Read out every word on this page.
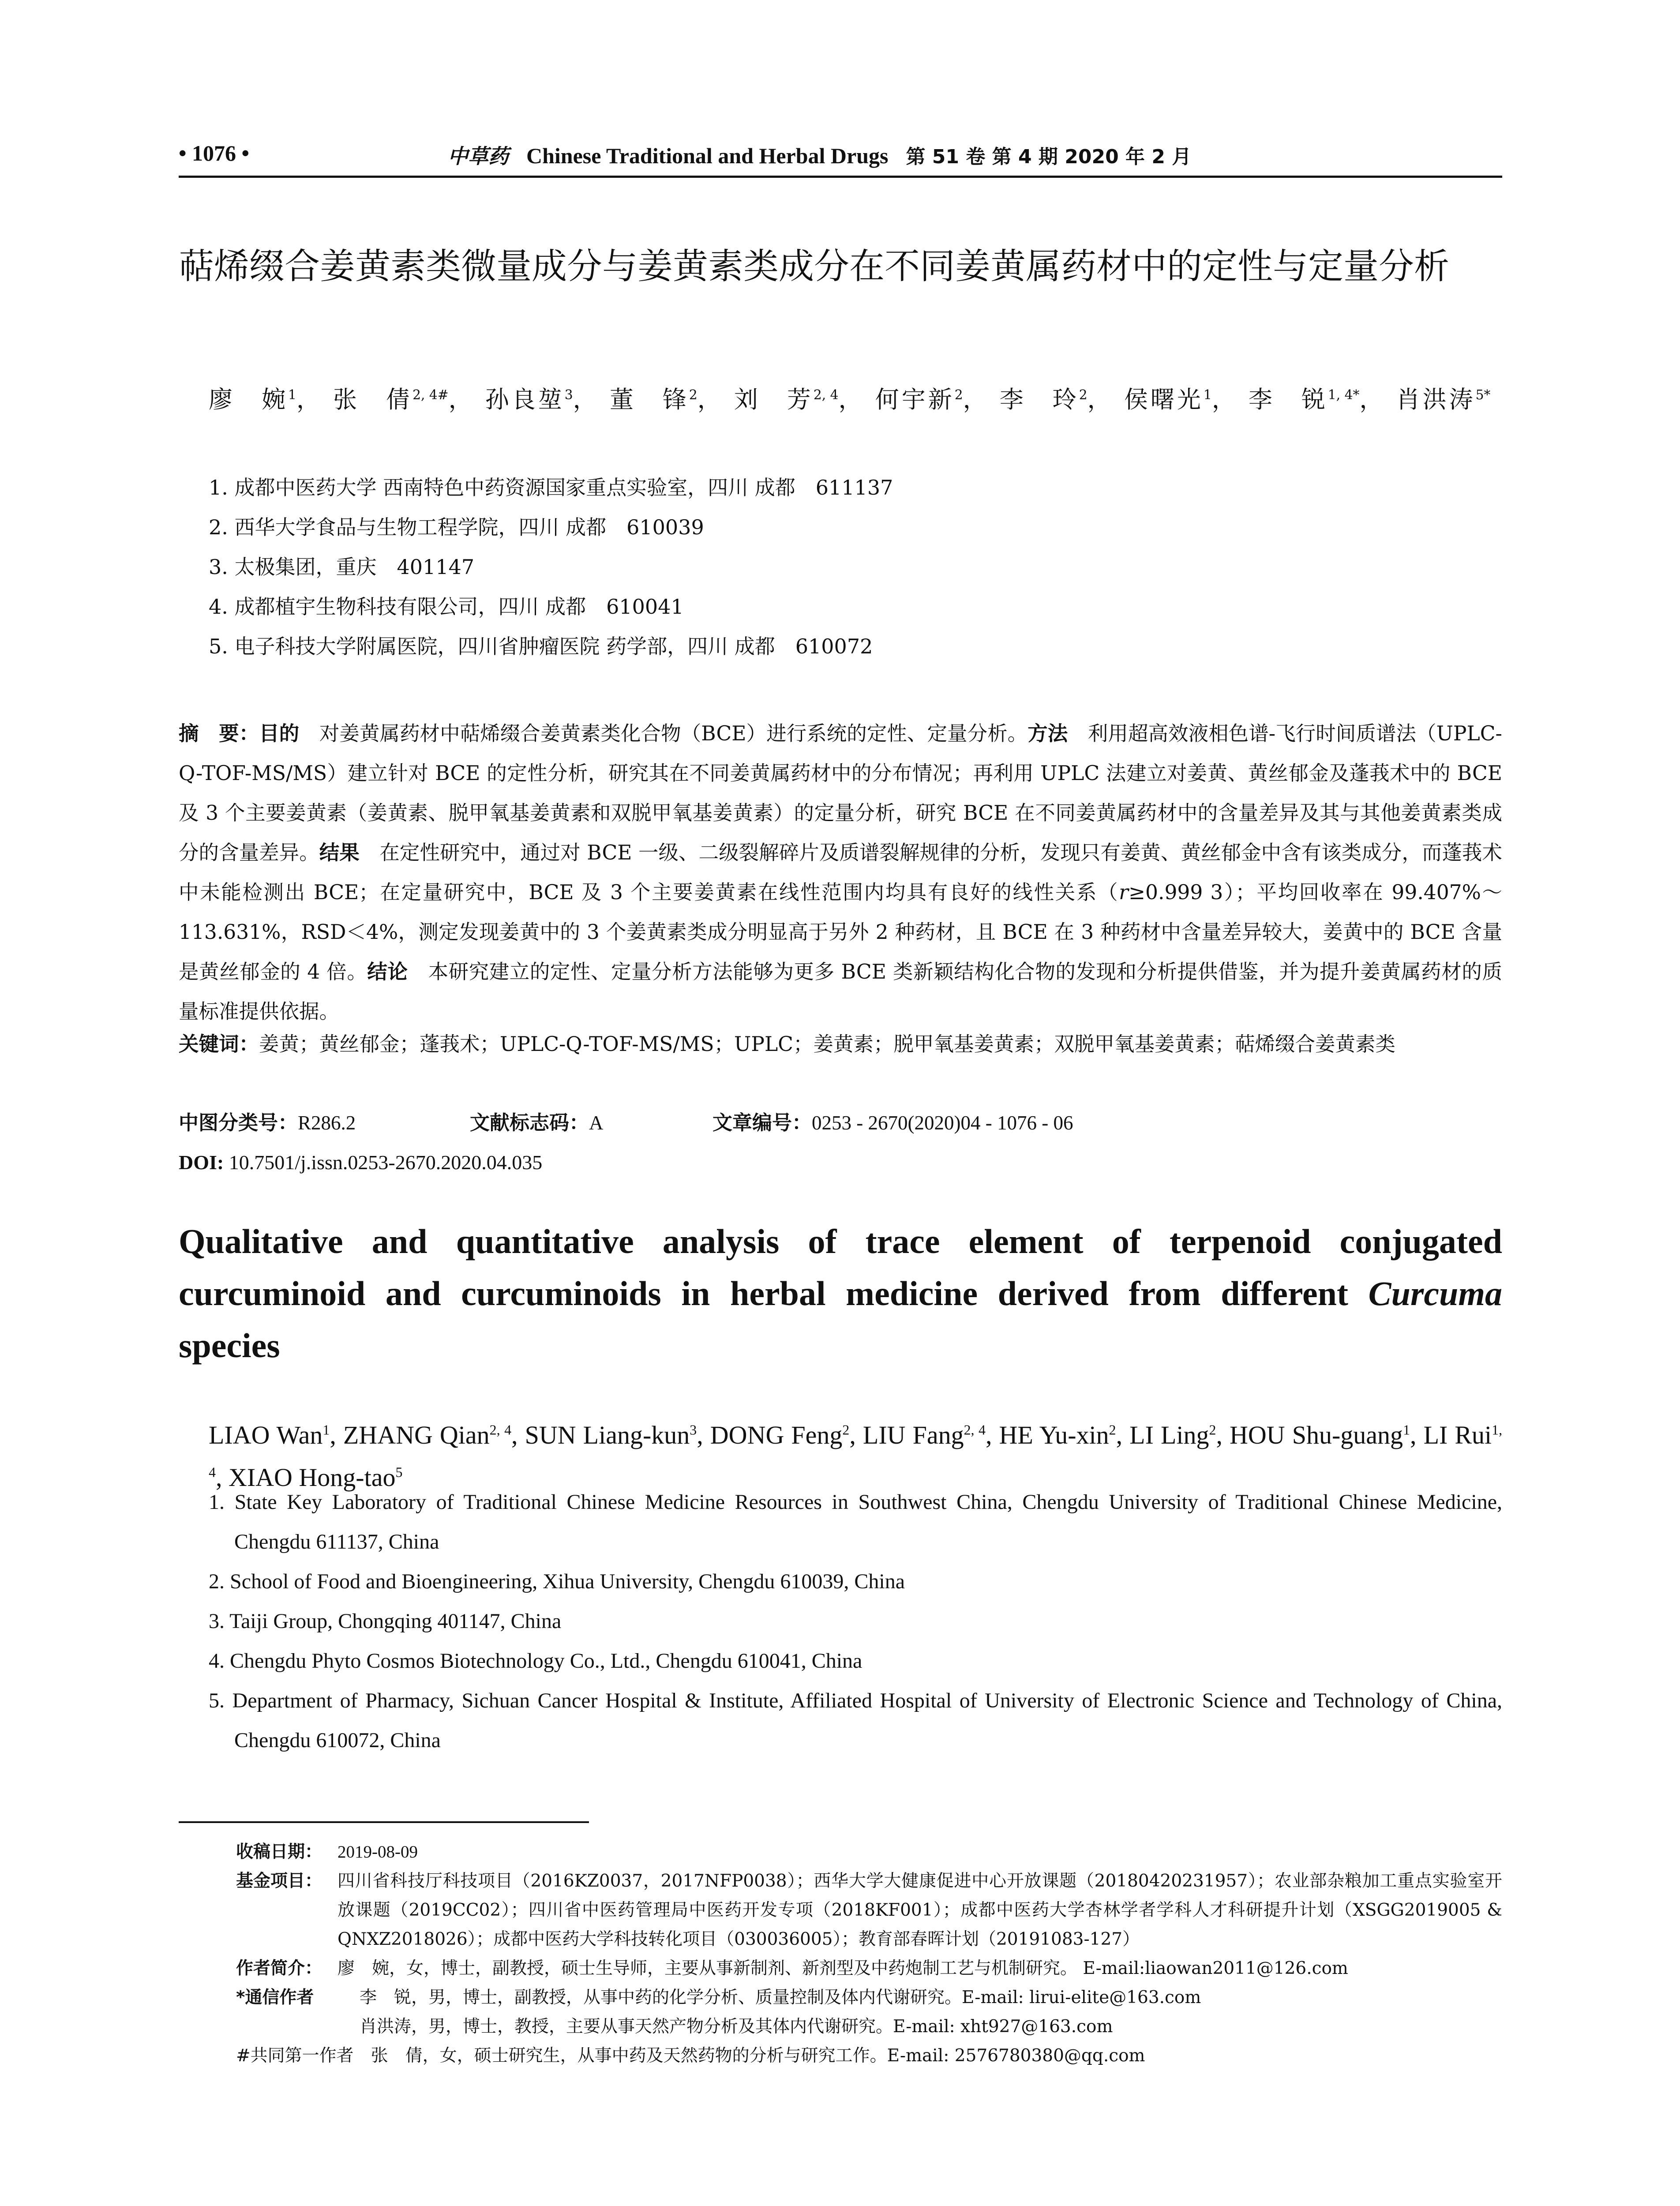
• 1076 •	中草药 Chinese Traditional and Herbal Drugs 第 51 卷 第 4 期 2020 年 2 月
萜烯缀合姜黄素类微量成分与姜黄素类成分在不同姜黄属药材中的定性与定量分析
廖　婉$^1$， 张　倩$^{2, 4\#}$， 孙良堃$^3$， 董　锋$^2$， 刘　芳$^{2, 4}$， 何宇新$^2$， 李　玲$^2$， 侯曙光$^1$， 李　锐$^{1, 4*}$， 肖洪涛$^{5*}$
1. 成都中医药大学 西南特色中药资源国家重点实验室，四川 成都　611137
2. 西华大学食品与生物工程学院，四川 成都　610039
3. 太极集团，重庆　401147
4. 成都植宇生物科技有限公司，四川 成都　610041
5. 电子科技大学附属医院，四川省肿瘤医院 药学部，四川 成都　610072
摘　要：目的　 对姜黄属药材中萜烯缀合姜黄素类化合物（BCE）进行系统的定性、定量分析。方法　 利用超高效液相色谱-飞行时间质谱法（UPLC-Q-TOF-MS/MS）建立针对 BCE 的定性分析，研究其在不同姜黄属药材中的分布情况；再利用 UPLC 法建立对姜黄、黄丝郁金及蓬莪术中的 BCE 及 3 个主要姜黄素（姜黄素、脱甲氧基姜黄素和双脱甲氧基姜黄素）的定量分析，研究 BCE 在不同姜黄属药材中的含量差异及其与其他姜黄素类成分的含量差异。结果　 在定性研究中，通过对 BCE 一级、二级裂解碎片及质谱裂解规律的分析，发现只有姜黄、黄丝郁金中含有该类成分，而蓬莪术中未能检测出 BCE；在定量研究中，BCE 及 3 个主要姜黄素在线性范围内均具有良好的线性关系（r≥0.999 3）；平均回收率在 99.407%～113.631%，RSD＜4%，测定发现姜黄中的 3 个姜黄素类成分明显高于另外 2 种药材，且 BCE 在 3 种药材中含量差异较大，姜黄中的 BCE 含量是黄丝郁金的 4 倍。结论　 本研究建立的定性、定量分析方法能够为更多 BCE 类新颖结构化合物的发现和分析提供借鉴，并为提升姜黄属药材的质量标准提供依据。
关键词：姜黄；黄丝郁金；蓬莪术；UPLC-Q-TOF-MS/MS；UPLC；姜黄素；脱甲氧基姜黄素；双脱甲氧基姜黄素；萜烯缀合姜黄素类
中图分类号：R286.2	文献标志码：A	文章编号：0253 - 2670(2020)04 - 1076 - 06
DOI: 10.7501/j.issn.0253-2670.2020.04.035
Qualitative and quantitative analysis of trace element of terpenoid conjugated curcuminoid and curcuminoids in herbal medicine derived from different Curcuma species
LIAO Wan$^1$, ZHANG Qian$^{2, 4}$, SUN Liang-kun$^3$, DONG Feng$^2$, LIU Fang$^{2, 4}$, HE Yu-xin$^2$, LI Ling$^2$, HOU Shu-guang$^1$, LI Rui$^{1, 4}$, XIAO Hong-tao$^5$
1. State Key Laboratory of Traditional Chinese Medicine Resources in Southwest China, Chengdu University of Traditional Chinese Medicine, Chengdu 611137, China
2. School of Food and Bioengineering, Xihua University, Chengdu 610039, China
3. Taiji Group, Chongqing 401147, China
4. Chengdu Phyto Cosmos Biotechnology Co., Ltd., Chengdu 610041, China
5. Department of Pharmacy, Sichuan Cancer Hospital & Institute, Affiliated Hospital of University of Electronic Science and Technology of China, Chengdu 610072, China
收稿日期： 2019-08-09
基金项目： 四川省科技厅科技项目（2016KZ0037，2017NFP0038）；西华大学大健康促进中心开放课题（20180420231957）；农业部杂粮加工重点实验室开放课题（2019CC02）；四川省中医药管理局中医药开发专项（2018KF001）；成都中医药大学杏林学者学科人才科研提升计划（XSGG2019005 & QNXZ2018026）；成都中医药大学科技转化项目（030036005）；教育部春晖计划（20191083-127）
作者简介： 廖　婉，女，博士，副教授，硕士生导师，主要从事新制剂、新剂型及中药炮制工艺与机制研究。 E-mail:liaowan2011@126.com
*通信作者	李　锐，男，博士，副教授，从事中药的化学分析、质量控制及体内代谢研究。E-mail: lirui-elite@163.com
肖洪涛，男，博士，教授，主要从事天然产物分析及其体内代谢研究。E-mail: xht927@163.com
#共同第一作者　张　倩，女，硕士研究生，从事中药及天然药物的分析与研究工作。E-mail: 2576780380@qq.com
